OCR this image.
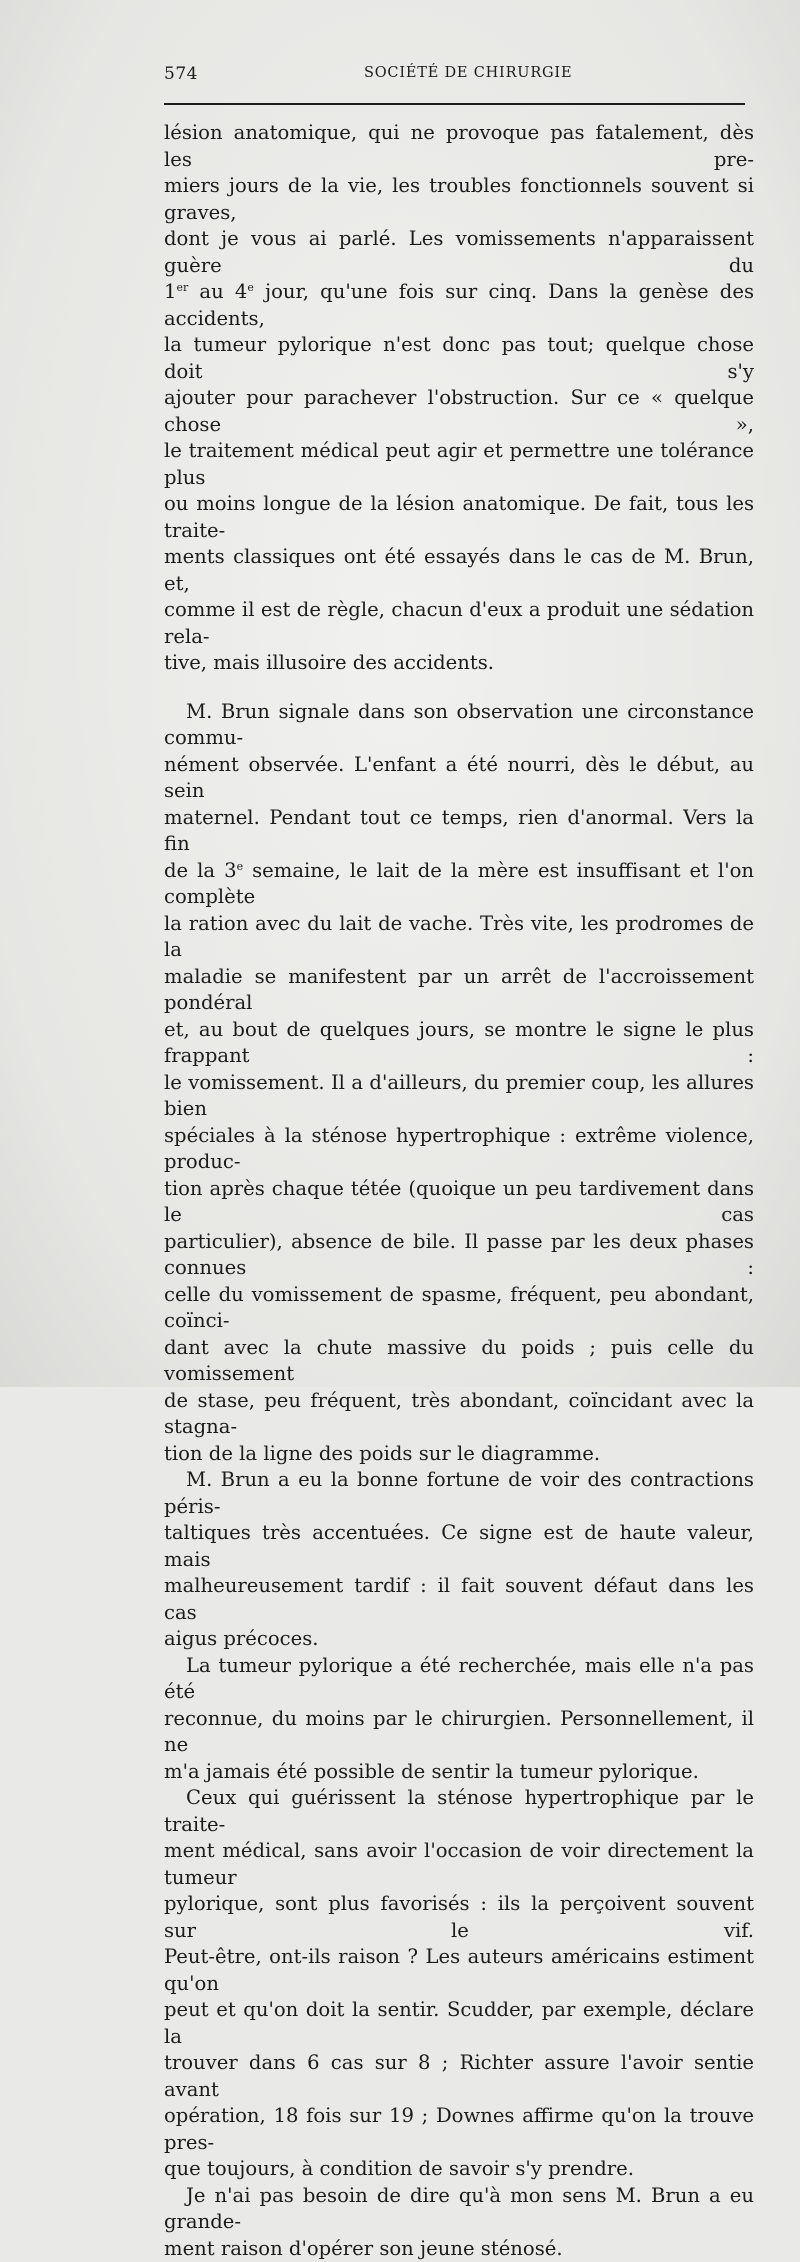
574	SOCIÉTÉ DE CHIRURGIE

lésion anatomique, qui ne provoque pas fatalement, dès les pre-
miers jours de la vie, les troubles fonctionnels souvent si graves,
dont je vous ai parlé. Les vomissements n'apparaissent guère du
1er au 4e jour, qu'une fois sur cinq. Dans la genèse des accidents,
la tumeur pylorique n'est donc pas tout; quelque chose doit s'y
ajouter pour parachever l'obstruction. Sur ce « quelque chose »,
le traitement médical peut agir et permettre une tolérance plus
ou moins longue de la lésion anatomique. De fait, tous les traite-
ments classiques ont été essayés dans le cas de M. Brun, et,
comme il est de règle, chacun d'eux a produit une sédation rela-

tive, mais illusoire des accidents.

M. Brun signale dans son observation une circonstance commu-
nément observée. L'enfant a été nourri, dès le début, au sein
maternel. Pendant tout ce temps, rien d'anormal. Vers la fin
de la 3e semaine, le lait de la mère est insuffisant et l'on complète
la ration avec du lait de vache. Très vite, les prodromes de la
maladie se manifestent par un arrêt de l'accroissement pondéral
et, au bout de quelques jours, se montre le signe le plus frappant :
le vomissement. Il a d'ailleurs, du premier coup, les allures bien
spéciales à la sténose hypertrophique : extrême violence, produc-
tion après chaque tétée (quoique un peu tardivement dans le cas
particulier), absence de bile. Il passe par les deux phases connues :
celle du vomissement de spasme, fréquent, peu abondant, coïnci-
dant avec la chute massive du poids ; puis celle du vomissement
de stase, peu fréquent, très abondant, coïncidant avec la stagna-

tion de la ligne des poids sur le diagramme.

M. Brun a eu la bonne fortune de voir des contractions péris-
taltiques très accentuées. Ce signe est de haute valeur, mais
malheureusement tardif : il fait souvent défaut dans les cas

aigus précoces.

La tumeur pylorique a été recherchée, mais elle n'a pas été
reconnue, du moins par le chirurgien. Personnellement, il ne

m'a jamais été possible de sentir la tumeur pylorique.

Ceux qui guérissent la sténose hypertrophique par le traite-
ment médical, sans avoir l'occasion de voir directement la tumeur
pylorique, sont plus favorisés : ils la perçoivent souvent sur le vif.
Peut-être, ont-ils raison ? Les auteurs américains estiment qu'on
peut et qu'on doit la sentir. Scudder, par exemple, déclare la
trouver dans 6 cas sur 8 ; Richter assure l'avoir sentie avant
opération, 18 fois sur 19 ; Downes affirme qu'on la trouve pres-

que toujours, à condition de savoir s'y prendre.

Je n'ai pas besoin de dire qu'à mon sens M. Brun a eu grande-

ment raison d'opérer son jeune sténosé.
